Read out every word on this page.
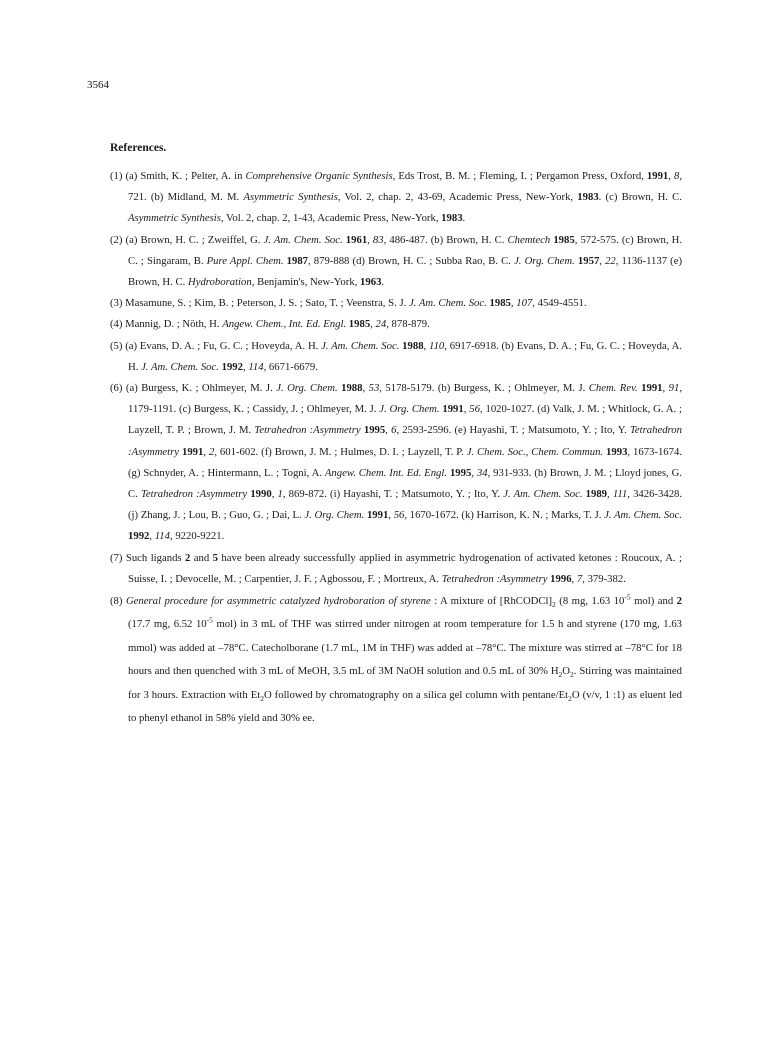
3564
References.
(1) (a) Smith, K. ; Pelter, A. in Comprehensive Organic Synthesis, Eds Trost, B. M. ; Fleming, I. ; Pergamon Press, Oxford, 1991, 8, 721. (b) Midland, M. M. Asymmetric Synthesis, Vol. 2, chap. 2, 43-69, Academic Press, New-York, 1983. (c) Brown, H. C. Asymmetric Synthesis, Vol. 2, chap. 2, 1-43, Academic Press, New-York, 1983.
(2) (a) Brown, H. C. ; Zweiffel, G. J. Am. Chem. Soc. 1961, 83, 486-487. (b) Brown, H. C. Chemtech 1985, 572-575. (c) Brown, H. C. ; Singaram, B. Pure Appl. Chem. 1987, 879-888 (d) Brown, H. C. ; Subba Rao, B. C. J. Org. Chem. 1957, 22, 1136-1137 (e) Brown, H. C. Hydroboration, Benjamin's, New-York, 1963.
(3) Masamune, S. ; Kim, B. ; Peterson, J. S. ; Sato, T. ; Veenstra, S. J. J. Am. Chem. Soc. 1985, 107, 4549-4551.
(4) Mannig, D. ; Nöth, H. Angew. Chem., Int. Ed. Engl. 1985, 24, 878-879.
(5) (a) Evans, D. A. ; Fu, G. C. ; Hoveyda, A. H. J. Am. Chem. Soc. 1988, 110, 6917-6918. (b) Evans, D. A. ; Fu, G. C. ; Hoveyda, A. H. J. Am. Chem. Soc. 1992, 114, 6671-6679.
(6) (a) Burgess, K. ; Ohlmeyer, M. J. J. Org. Chem. 1988, 53, 5178-5179. (b) Burgess, K. ; Ohlmeyer, M. J. Chem. Rev. 1991, 91, 1179-1191. (c) Burgess, K. ; Cassidy, J. ; Ohlmeyer, M. J. J. Org. Chem. 1991, 56, 1020-1027. (d) Valk, J. M. ; Whitlock, G. A. ; Layzell, T. P. ; Brown, J. M. Tetrahedron :Asymmetry 1995, 6, 2593-2596. (e) Hayashi, T. ; Matsumoto, Y. ; Ito, Y. Tetrahedron :Asymmetry 1991, 2, 601-602. (f) Brown, J. M. ; Hulmes, D. I. ; Layzell, T. P. J. Chem. Soc., Chem. Commun. 1993, 1673-1674. (g) Schnyder, A. ; Hintermann, L. ; Togni, A. Angew. Chem. Int. Ed. Engl. 1995, 34, 931-933. (h) Brown, J. M. ; Lloyd jones, G. C. Tetrahedron :Asymmetry 1990, 1, 869-872. (i) Hayashi, T. ; Matsumoto, Y. ; Ito, Y. J. Am. Chem. Soc. 1989, 111, 3426-3428. (j) Zhang, J. ; Lou, B. ; Guo, G. ; Dai, L. J. Org. Chem. 1991, 56, 1670-1672. (k) Harrison, K. N. ; Marks, T. J. J. Am. Chem. Soc. 1992, 114, 9220-9221.
(7) Such ligands 2 and 5 have been already successfully applied in asymmetric hydrogenation of activated ketones : Roucoux, A. ; Suisse, I. ; Devocelle, M. ; Carpentier, J. F. ; Agbossou, F. ; Mortreux, A. Tetrahedron :Asymmetry 1996, 7, 379-382.
(8) General procedure for asymmetric catalyzed hydroboration of styrene : A mixture of $[RhCODCl]_2$ (8 mg, 1.63 $10^{-5}$ mol) and 2 (17.7 mg, 6.52 $10^{-5}$ mol) in 3 mL of THF was stirred under nitrogen at room temperature for 1.5 h and styrene (170 mg, 1.63 mmol) was added at –78°C. Catecholborane (1.7 mL, 1M in THF) was added at –78°C. The mixture was stirred at –78°C for 18 hours and then quenched with 3 mL of MeOH, 3.5 mL of 3M NaOH solution and 0.5 mL of 30% $H_2O_2$. Stirring was maintained for 3 hours. Extraction with $Et_2O$ followed by chromatography on a silica gel column with pentane/$Et_2O$ (v/v, 1 :1) as eluent led to phenyl ethanol in 58% yield and 30% ee.
